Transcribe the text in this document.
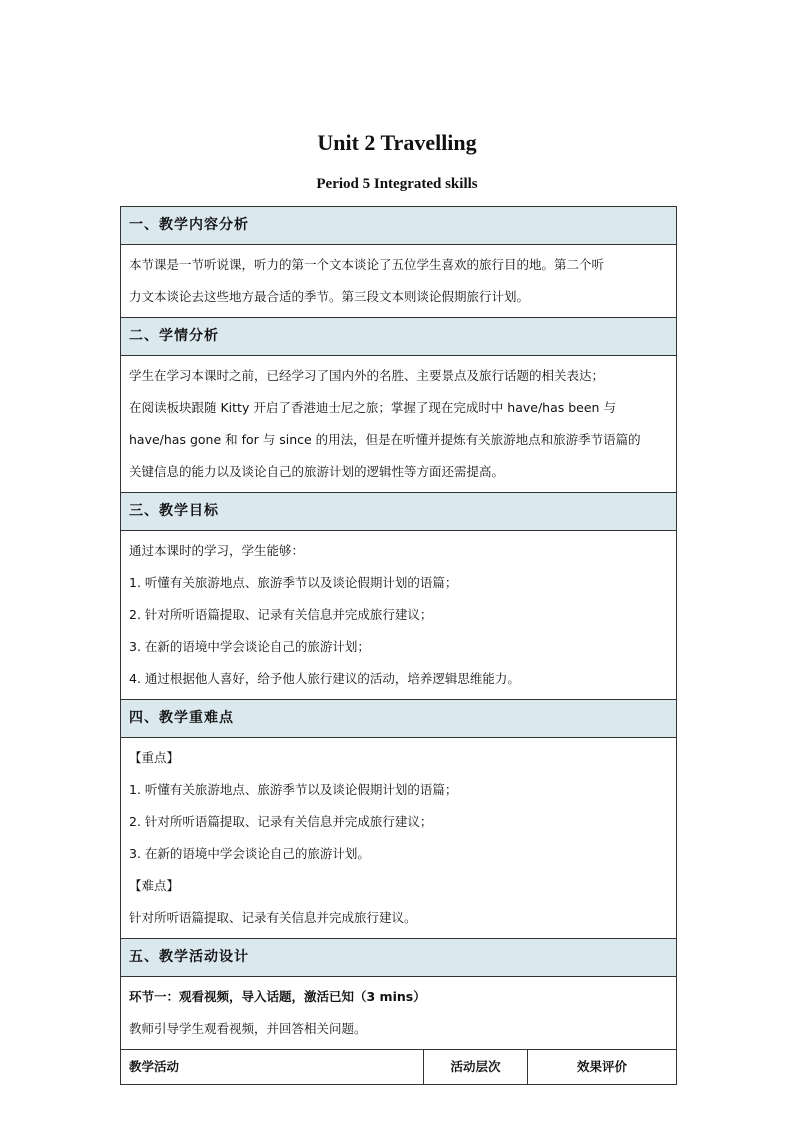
Unit 2 Travelling
Period 5 Integrated skills
一、教学内容分析
本节课是一节听说课，听力的第一个文本谈论了五位学生喜欢的旅行目的地。第二个听
力文本谈论去这些地方最合适的季节。第三段文本则谈论假期旅行计划。
二、学情分析
学生在学习本课时之前，已经学习了国内外的名胜、主要景点及旅行话题的相关表达；
在阅读板块跟随 Kitty 开启了香港迪士尼之旅；掌握了现在完成时中 have/has been 与
have/has gone 和 for 与 since 的用法，但是在听懂并提炼有关旅游地点和旅游季节语篇的
关键信息的能力以及谈论自己的旅游计划的逻辑性等方面还需提高。
三、教学目标
通过本课时的学习，学生能够：
1. 听懂有关旅游地点、旅游季节以及谈论假期计划的语篇；
2. 针对所听语篇提取、记录有关信息并完成旅行建议；
3. 在新的语境中学会谈论自己的旅游计划；
4. 通过根据他人喜好，给予他人旅行建议的活动，培养逻辑思维能力。
四、教学重难点
【重点】
1. 听懂有关旅游地点、旅游季节以及谈论假期计划的语篇；
2. 针对所听语篇提取、记录有关信息并完成旅行建议；
3. 在新的语境中学会谈论自己的旅游计划。
【难点】
针对所听语篇提取、记录有关信息并完成旅行建议。
五、教学活动设计
环节一：观看视频，导入话题，激活已知（3 mins）
教师引导学生观看视频，并回答相关问题。
教学活动	活动层次	效果评价
